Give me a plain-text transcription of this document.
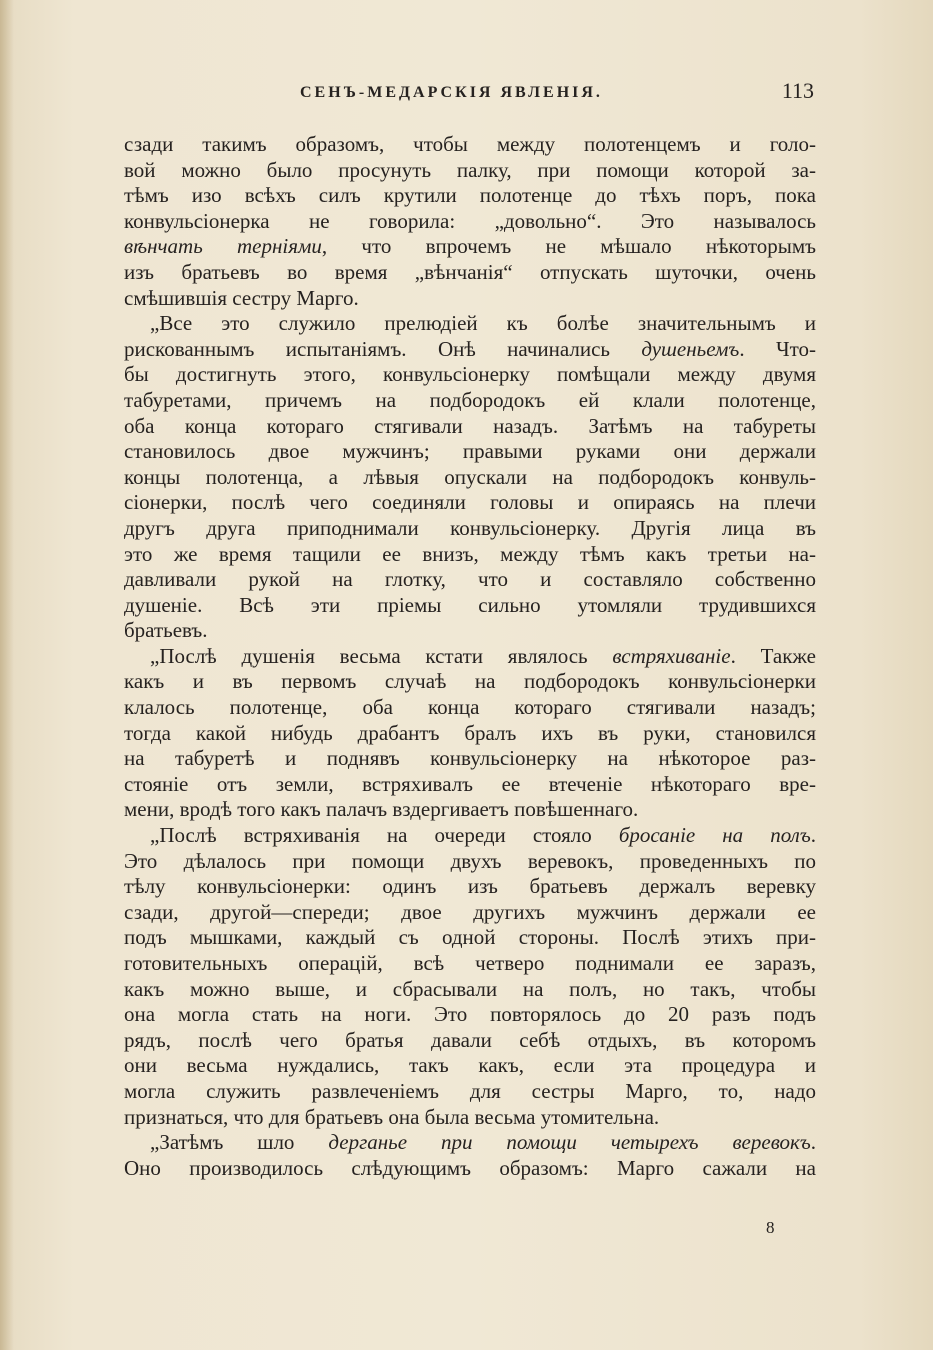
СЕНЪ-МЕДАРСКІЯ ЯВЛЕНІЯ.	113
сзади такимъ образомъ, чтобы между полотенцемъ и голо-
вой можно было просунуть палку, при помощи которой за-
тѣмъ изо всѣхъ силъ крутили полотенце до тѣхъ поръ, пока
конвульсіонерка не говорила: „довольно“. Это называлось
вѣнчать терніями, что впрочемъ не мѣшало нѣкоторымъ
изъ братьевъ во время „вѣнчанія“ отпускать шуточки, очень
смѣшившія сестру Марго.
„Все это служило прелюдіей къ болѣе значительнымъ и
рискованнымъ испытаніямъ. Онѣ начинались душеньемъ. Что-
бы достигнуть этого, конвульсіонерку помѣщали между двумя
табуретами, причемъ на подбородокъ ей клали полотенце,
оба конца котораго стягивали назадъ. Затѣмъ на табуреты
становилось двое мужчинъ; правыми руками они держали
концы полотенца, а лѣвыя опускали на подбородокъ конвуль-
сіонерки, послѣ чего соединяли головы и опираясь на плечи
другъ друга приподнимали конвульсіонерку. Другія лица въ
это же время тащили ее внизъ, между тѣмъ какъ третьи на-
давливали рукой на глотку, что и составляло собственно
душеніе. Всѣ эти пріемы сильно утомляли трудившихся
братьевъ.
„Послѣ душенія весьма кстати являлось встряхиваніе. Также
какъ и въ первомъ случаѣ на подбородокъ конвульсіонерки
клалось полотенце, оба конца котораго стягивали назадъ;
тогда какой нибудь драбантъ бралъ ихъ въ руки, становился
на табуретѣ и поднявъ конвульсіонерку на нѣкоторое раз-
стояніе отъ земли, встряхивалъ ее втеченіе нѣкотораго вре-
мени, вродѣ того какъ палачъ вздергиваетъ повѣшеннаго.
„Послѣ встряхиванія на очереди стояло бросаніе на полъ.
Это дѣлалось при помощи двухъ веревокъ, проведенныхъ по
тѣлу конвульсіонерки: одинъ изъ братьевъ держалъ веревку
сзади, другой—спереди; двое другихъ мужчинъ держали ее
подъ мышками, каждый съ одной стороны. Послѣ этихъ при-
готовительныхъ операцій, всѣ четверо поднимали ее заразъ,
какъ можно выше, и сбрасывали на полъ, но такъ, чтобы
она могла стать на ноги. Это повторялось до 20 разъ подъ
рядъ, послѣ чего братья давали себѣ отдыхъ, въ которомъ
они весьма нуждались, такъ какъ, если эта процедура и
могла служить развлеченіемъ для сестры Марго, то, надо
признаться, что для братьевъ она была весьма утомительна.
„Затѣмъ шло дерганье при помощи четырехъ веревокъ.
Оно производилось слѣдующимъ образомъ: Марго сажали на
8
